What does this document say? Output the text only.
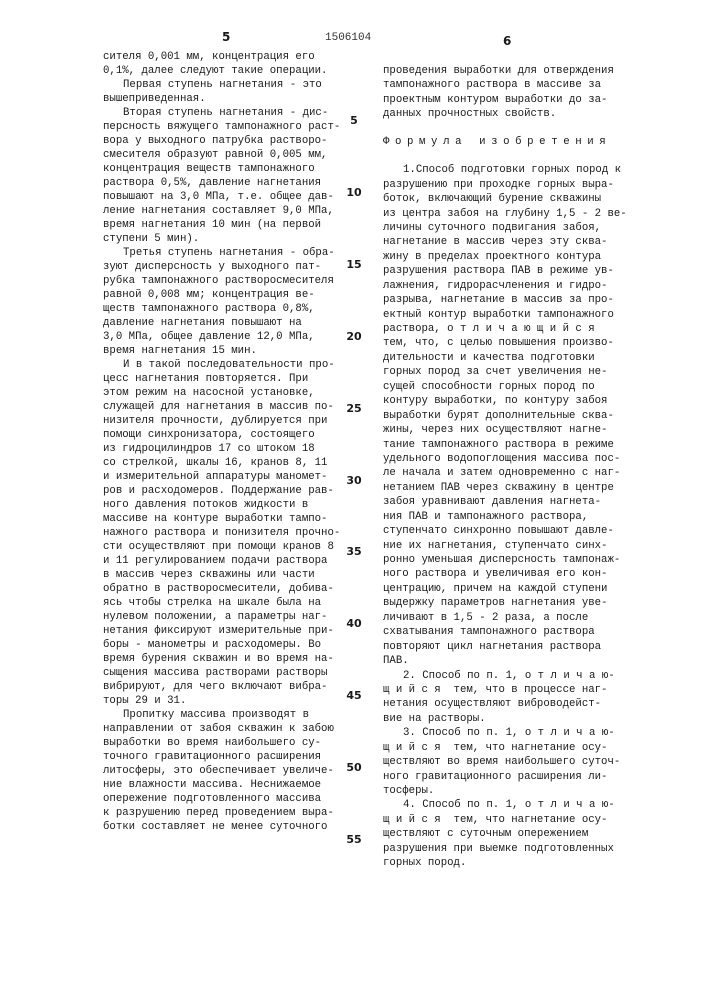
5	1506104	6
5
10
15
20
25
30
35
40
45
50
55
сителя 0,001 мм, концентрация его
0,1%, далее следуют такие операции.
Первая ступень нагнетания - это
вышеприведенная.
Вторая ступень нагнетания - дис-
персность вяжущего тампонажного раст-
вора у выходного патрубка растворо-
смесителя образуют равной 0,005 мм,
концентрация веществ тампонажного
раствора 0,5%, давление нагнетания
повышают на 3,0 МПа, т.е. общее дав-
ление нагнетания составляет 9,0 МПа,
время нагнетания 10 мин (на первой
ступени 5 мин).
Третья ступень нагнетания - обра-
зуют дисперсность у выходного пат-
рубка тампонажного растворосмесителя
равной 0,008 мм; концентрация ве-
ществ тампонажного раствора 0,8%,
давление нагнетания повышают на
3,0 МПа, общее давление 12,0 МПа,
время нагнетания 15 мин.
И в такой последовательности про-
цесс нагнетания повторяется. При
этом режим на насосной установке,
служащей для нагнетания в массив по-
низителя прочности, дублируется при
помощи синхронизатора, состоящего
из гидроцилиндров 17 со штоком 18
со стрелкой, шкалы 16, кранов 8, 11
и измерительной аппаратуры маномет-
ров и расходомеров. Поддержание рав-
ного давления потоков жидкости в
массиве на контуре выработки тампо-
нажного раствора и понизителя прочно-
сти осуществляют при помощи кранов 8
и 11 регулированием подачи раствора
в массив через скважины или части
обратно в растворосмесители, добива-
ясь чтобы стрелка на шкале была на
нулевом положении, а параметры наг-
нетания фиксируют измерительные при-
боры - манометры и расходомеры. Во
время бурения скважин и во время на-
сыщения массива растворами растворы
вибрируют, для чего включают вибра-
торы 29 и 31.
Пропитку массива производят в
направлении от забоя скважин к забою
выработки во время наибольшего су-
точного гравитационного расширения
литосферы, это обеспечивает увеличе-
ние влажности массива. Неснижаемое
опережение подготовленного массива
к разрушению перед проведением выра-
ботки составляет не менее суточного
проведения выработки для отверждения
тампонажного раствора в массиве за
проектным контуром выработки до за-
данных прочностных свойств.
Формула изобретения
1.Способ подготовки горных пород к
разрушению при проходке горных выра-
боток, включающий бурение скважины
из центра забоя на глубину 1,5 - 2 ве-
личины суточного подвигания забоя,
нагнетание в массив через эту сква-
жину в пределах проектного контура
разрушения раствора ПАВ в режиме ув-
лажнения, гидрорасчленения и гидро-
разрыва, нагнетание в массив за про-
ектный контур выработки тампонажного
раствора, о т л и ч а ю щ и й с я
тем, что, с целью повышения произво-
дительности и качества подготовки
горных пород за счет увеличения не-
сущей способности горных пород по
контуру выработки, по контуру забоя
выработки бурят дополнительные сква-
жины, через них осуществляют нагне-
тание тампонажного раствора в режиме
удельного водопоглощения массива пос-
ле начала и затем одновременно с наг-
нетанием ПАВ через скважину в центре
забоя уравнивают давления нагнета-
ния ПАВ и тампонажного раствора,
ступенчато синхронно повышают давле-
ние их нагнетания, ступенчато синх-
ронно уменьшая дисперсность тампонаж-
ного раствора и увеличивая его кон-
центрацию, причем на каждой ступени
выдержку параметров нагнетания уве-
личивают в 1,5 - 2 раза, а после
схватывания тампонажного раствора
повторяют цикл нагнетания раствора
ПАВ.
2. Способ по п. 1, о т л и ч а ю-
щ и й с я  тем, что в процессе наг-
нетания осуществляют виброводейст-
вие на растворы.
3. Способ по п. 1, о т л и ч а ю-
щ и й с я  тем, что нагнетание осу-
ществляют во время наибольшего суточ-
ного гравитационного расширения ли-
тосферы.
4. Способ по п. 1, о т л и ч а ю-
щ и й с я  тем, что нагнетание осу-
ществляют с суточным опережением
разрушения при выемке подготовленных
горных пород.
